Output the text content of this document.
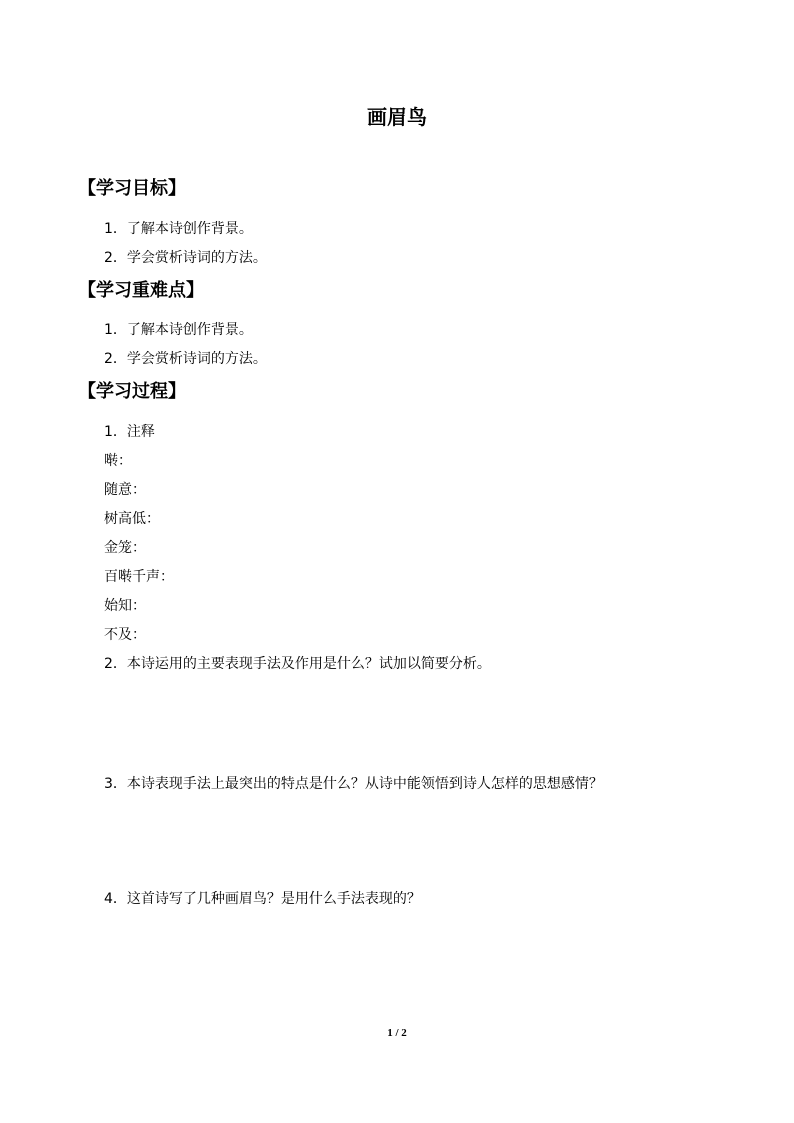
画眉鸟
【学习目标】
1．了解本诗创作背景。
2．学会赏析诗词的方法。
【学习重难点】
1．了解本诗创作背景。
2．学会赏析诗词的方法。
【学习过程】
1．注释
啭：
随意：
树高低：
金笼：
百啭千声：
始知：
不及：
2．本诗运用的主要表现手法及作用是什么？试加以简要分析。
3．本诗表现手法上最突出的特点是什么？从诗中能领悟到诗人怎样的思想感情？
4．这首诗写了几种画眉鸟？是用什么手法表现的？
1 / 2
